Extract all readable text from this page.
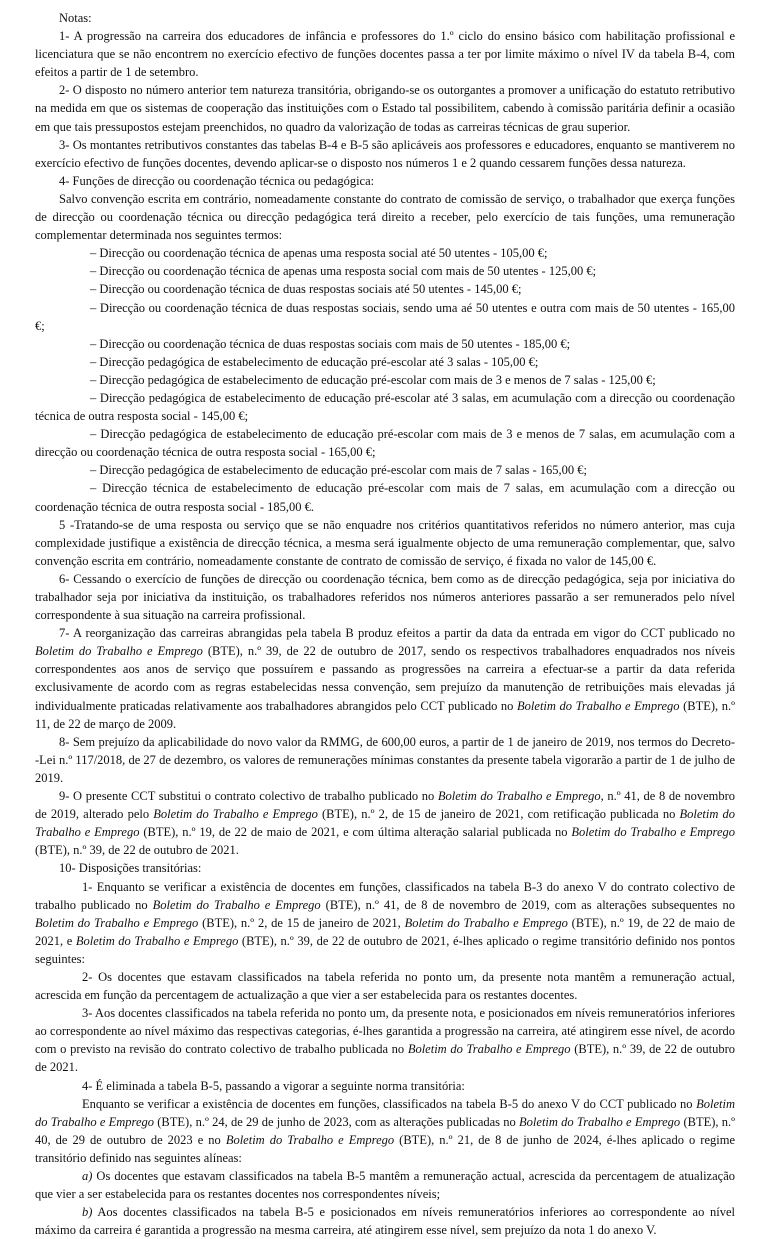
Notas:

1- A progressão na carreira dos educadores de infância e professores do 1.º ciclo do ensino básico com habilitação profissional e licenciatura que se não encontrem no exercício efectivo de funções docentes passa a ter por limite máximo o nível IV da tabela B-4, com efeitos a partir de 1 de setembro.

2- O disposto no número anterior tem natureza transitória, obrigando-se os outorgantes a promover a unificação do estatuto retributivo na medida em que os sistemas de cooperação das instituições com o Estado tal possibilitem, cabendo à comissão paritária definir a ocasião em que tais pressupostos estejam preenchidos, no quadro da valorização de todas as carreiras técnicas de grau superior.

3- Os montantes retributivos constantes das tabelas B-4 e B-5 são aplicáveis aos professores e educadores, enquanto se mantiverem no exercício efectivo de funções docentes, devendo aplicar-se o disposto nos números 1 e 2 quando cessarem funções dessa natureza.

4- Funções de direcção ou coordenação técnica ou pedagógica:

Salvo convenção escrita em contrário, nomeadamente constante do contrato de comissão de serviço, o trabalhador que exerça funções de direcção ou coordenação técnica ou direcção pedagógica terá direito a receber, pelo exercício de tais funções, uma remuneração complementar determinada nos seguintes termos:

– Direcção ou coordenação técnica de apenas uma resposta social até 50 utentes - 105,00 €;

– Direcção ou coordenação técnica de apenas uma resposta social com mais de 50 utentes - 125,00 €;

– Direcção ou coordenação técnica de duas respostas sociais até 50 utentes - 145,00 €;

– Direcção ou coordenação técnica de duas respostas sociais, sendo uma aé 50 utentes e outra com mais de 50 utentes - 165,00 €;

– Direcção ou coordenação técnica de duas respostas sociais com mais de 50 utentes - 185,00 €;

– Direcção pedagógica de estabelecimento de educação pré-escolar até 3 salas - 105,00 €;

– Direcção pedagógica de estabelecimento de educação pré-escolar com mais de 3 e menos de 7 salas - 125,00 €;

– Direcção pedagógica de estabelecimento de educação pré-escolar até 3 salas, em acumulação com a direcção ou coordenação técnica de outra resposta social - 145,00 €;

– Direcção pedagógica de estabelecimento de educação pré-escolar com mais de 3 e menos de 7 salas, em acumulação com a direcção ou coordenação técnica de outra resposta social - 165,00 €;

– Direcção pedagógica de estabelecimento de educação pré-escolar com mais de 7 salas - 165,00 €;

– Direcção técnica de estabelecimento de educação pré-escolar com mais de 7 salas, em acumulação com a direcção ou coordenação técnica de outra resposta social - 185,00 €.

5 -Tratando-se de uma resposta ou serviço que se não enquadre nos critérios quantitativos referidos no número anterior, mas cuja complexidade justifique a existência de direcção técnica, a mesma será igualmente objecto de uma remuneração complementar, que, salvo convenção escrita em contrário, nomeadamente constante de contrato de comissão de serviço, é fixada no valor de 145,00 €.

6- Cessando o exercício de funções de direcção ou coordenação técnica, bem como as de direcção pedagógica, seja por iniciativa do trabalhador seja por iniciativa da instituição, os trabalhadores referidos nos números anteriores passarão a ser remunerados pelo nível correspondente à sua situação na carreira profissional.

7- A reorganização das carreiras abrangidas pela tabela B produz efeitos a partir da data da entrada em vigor do CCT publicado no Boletim do Trabalho e Emprego (BTE), n.º 39, de 22 de outubro de 2017, sendo os respectivos trabalhadores enquadrados nos níveis correspondentes aos anos de serviço que possuírem e passando as progressões na carreira a efectuar-se a partir da data referida exclusivamente de acordo com as regras estabelecidas nessa convenção, sem prejuízo da manutenção de retribuições mais elevadas já individualmente praticadas relativamente aos trabalhadores abrangidos pelo CCT publicado no Boletim do Trabalho e Emprego (BTE), n.º 11, de 22 de março de 2009.

8- Sem prejuízo da aplicabilidade do novo valor da RMMG, de 600,00 euros, a partir de 1 de janeiro de 2019, nos termos do Decreto- -Lei n.º 117/2018, de 27 de dezembro, os valores de remunerações mínimas constantes da presente tabela vigorarão a partir de 1 de julho de 2019.

9- O presente CCT substitui o contrato colectivo de trabalho publicado no Boletim do Trabalho e Emprego, n.º 41, de 8 de novembro de 2019, alterado pelo Boletim do Trabalho e Emprego (BTE), n.º 2, de 15 de janeiro de 2021, com retificação publicada no Boletim do Trabalho e Emprego (BTE), n.º 19, de 22 de maio de 2021, e com última alteração salarial publicada no Boletim do Trabalho e Emprego (BTE), n.º 39, de 22 de outubro de 2021.

10- Disposições transitórias:

1- Enquanto se verificar a existência de docentes em funções, classificados na tabela B-3 do anexo V do contrato colectivo de trabalho publicado no Boletim do Trabalho e Emprego (BTE), n.º 41, de 8 de novembro de 2019, com as alterações subsequentes no Boletim do Trabalho e Emprego (BTE), n.º 2, de 15 de janeiro de 2021, Boletim do Trabalho e Emprego (BTE), n.º 19, de 22 de maio de 2021, e Boletim do Trabalho e Emprego (BTE), n.º 39, de 22 de outubro de 2021, é-lhes aplicado o regime transitório definido nos pontos seguintes:

2- Os docentes que estavam classificados na tabela referida no ponto um, da presente nota mantêm a remuneração actual, acrescida em função da percentagem de actualização a que vier a ser estabelecida para os restantes docentes.

3- Aos docentes classificados na tabela referida no ponto um, da presente nota, e posicionados em níveis remuneratórios inferiores ao correspondente ao nível máximo das respectivas categorias, é-lhes garantida a progressão na carreira, até atingirem esse nível, de acordo com o previsto na revisão do contrato colectivo de trabalho publicada no Boletim do Trabalho e Emprego (BTE), n.º 39, de 22 de outubro de 2021.

4- É eliminada a tabela B-5, passando a vigorar a seguinte norma transitória:

Enquanto se verificar a existência de docentes em funções, classificados na tabela B-5 do anexo V do CCT publicado no Boletim do Trabalho e Emprego (BTE), n.º 24, de 29 de junho de 2023, com as alterações publicadas no Boletim do Trabalho e Emprego (BTE), n.º 40, de 29 de outubro de 2023 e no Boletim do Trabalho e Emprego (BTE), n.º 21, de 8 de junho de 2024, é-lhes aplicado o regime transitório definido nas seguintes alíneas:

a) Os docentes que estavam classificados na tabela B-5 mantêm a remuneração actual, acrescida da percentagem de atualização que vier a ser estabelecida para os restantes docentes nos correspondentes níveis;

b) Aos docentes classificados na tabela B-5 e posicionados em níveis remuneratórios inferiores ao correspondente ao nível máximo da carreira é garantida a progressão na mesma carreira, até atingirem esse nível, sem prejuízo da nota 1 do anexo V.
